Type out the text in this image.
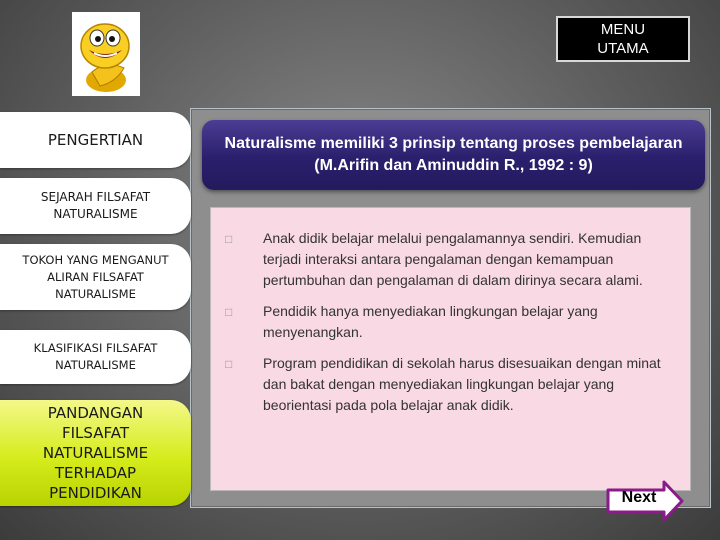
MENU UTAMA
Naturalisme memiliki 3 prinsip tentang proses pembelajaran (M.Arifin dan Aminuddin R., 1992 : 9)
□	Anak didik belajar melalui pengalamannya sendiri. Kemudian terjadi interaksi antara pengalaman dengan kemampuan pertumbuhan dan pengalaman di dalam dirinya secara alami.
□	Pendidik hanya menyediakan lingkungan belajar yang menyenangkan.
□	Program pendidikan di sekolah harus disesuaikan dengan minat dan bakat dengan menyediakan lingkungan belajar yang beorientasi pada pola belajar anak didik.
PENGERTIAN
SEJARAH FILSAFAT NATURALISME
TOKOH YANG MENGANUT ALIRAN FILSAFAT NATURALISME
KLASIFIKASI FILSAFAT NATURALISME
PANDANGAN FILSAFAT NATURALISME TERHADAP PENDIDIKAN	Next
